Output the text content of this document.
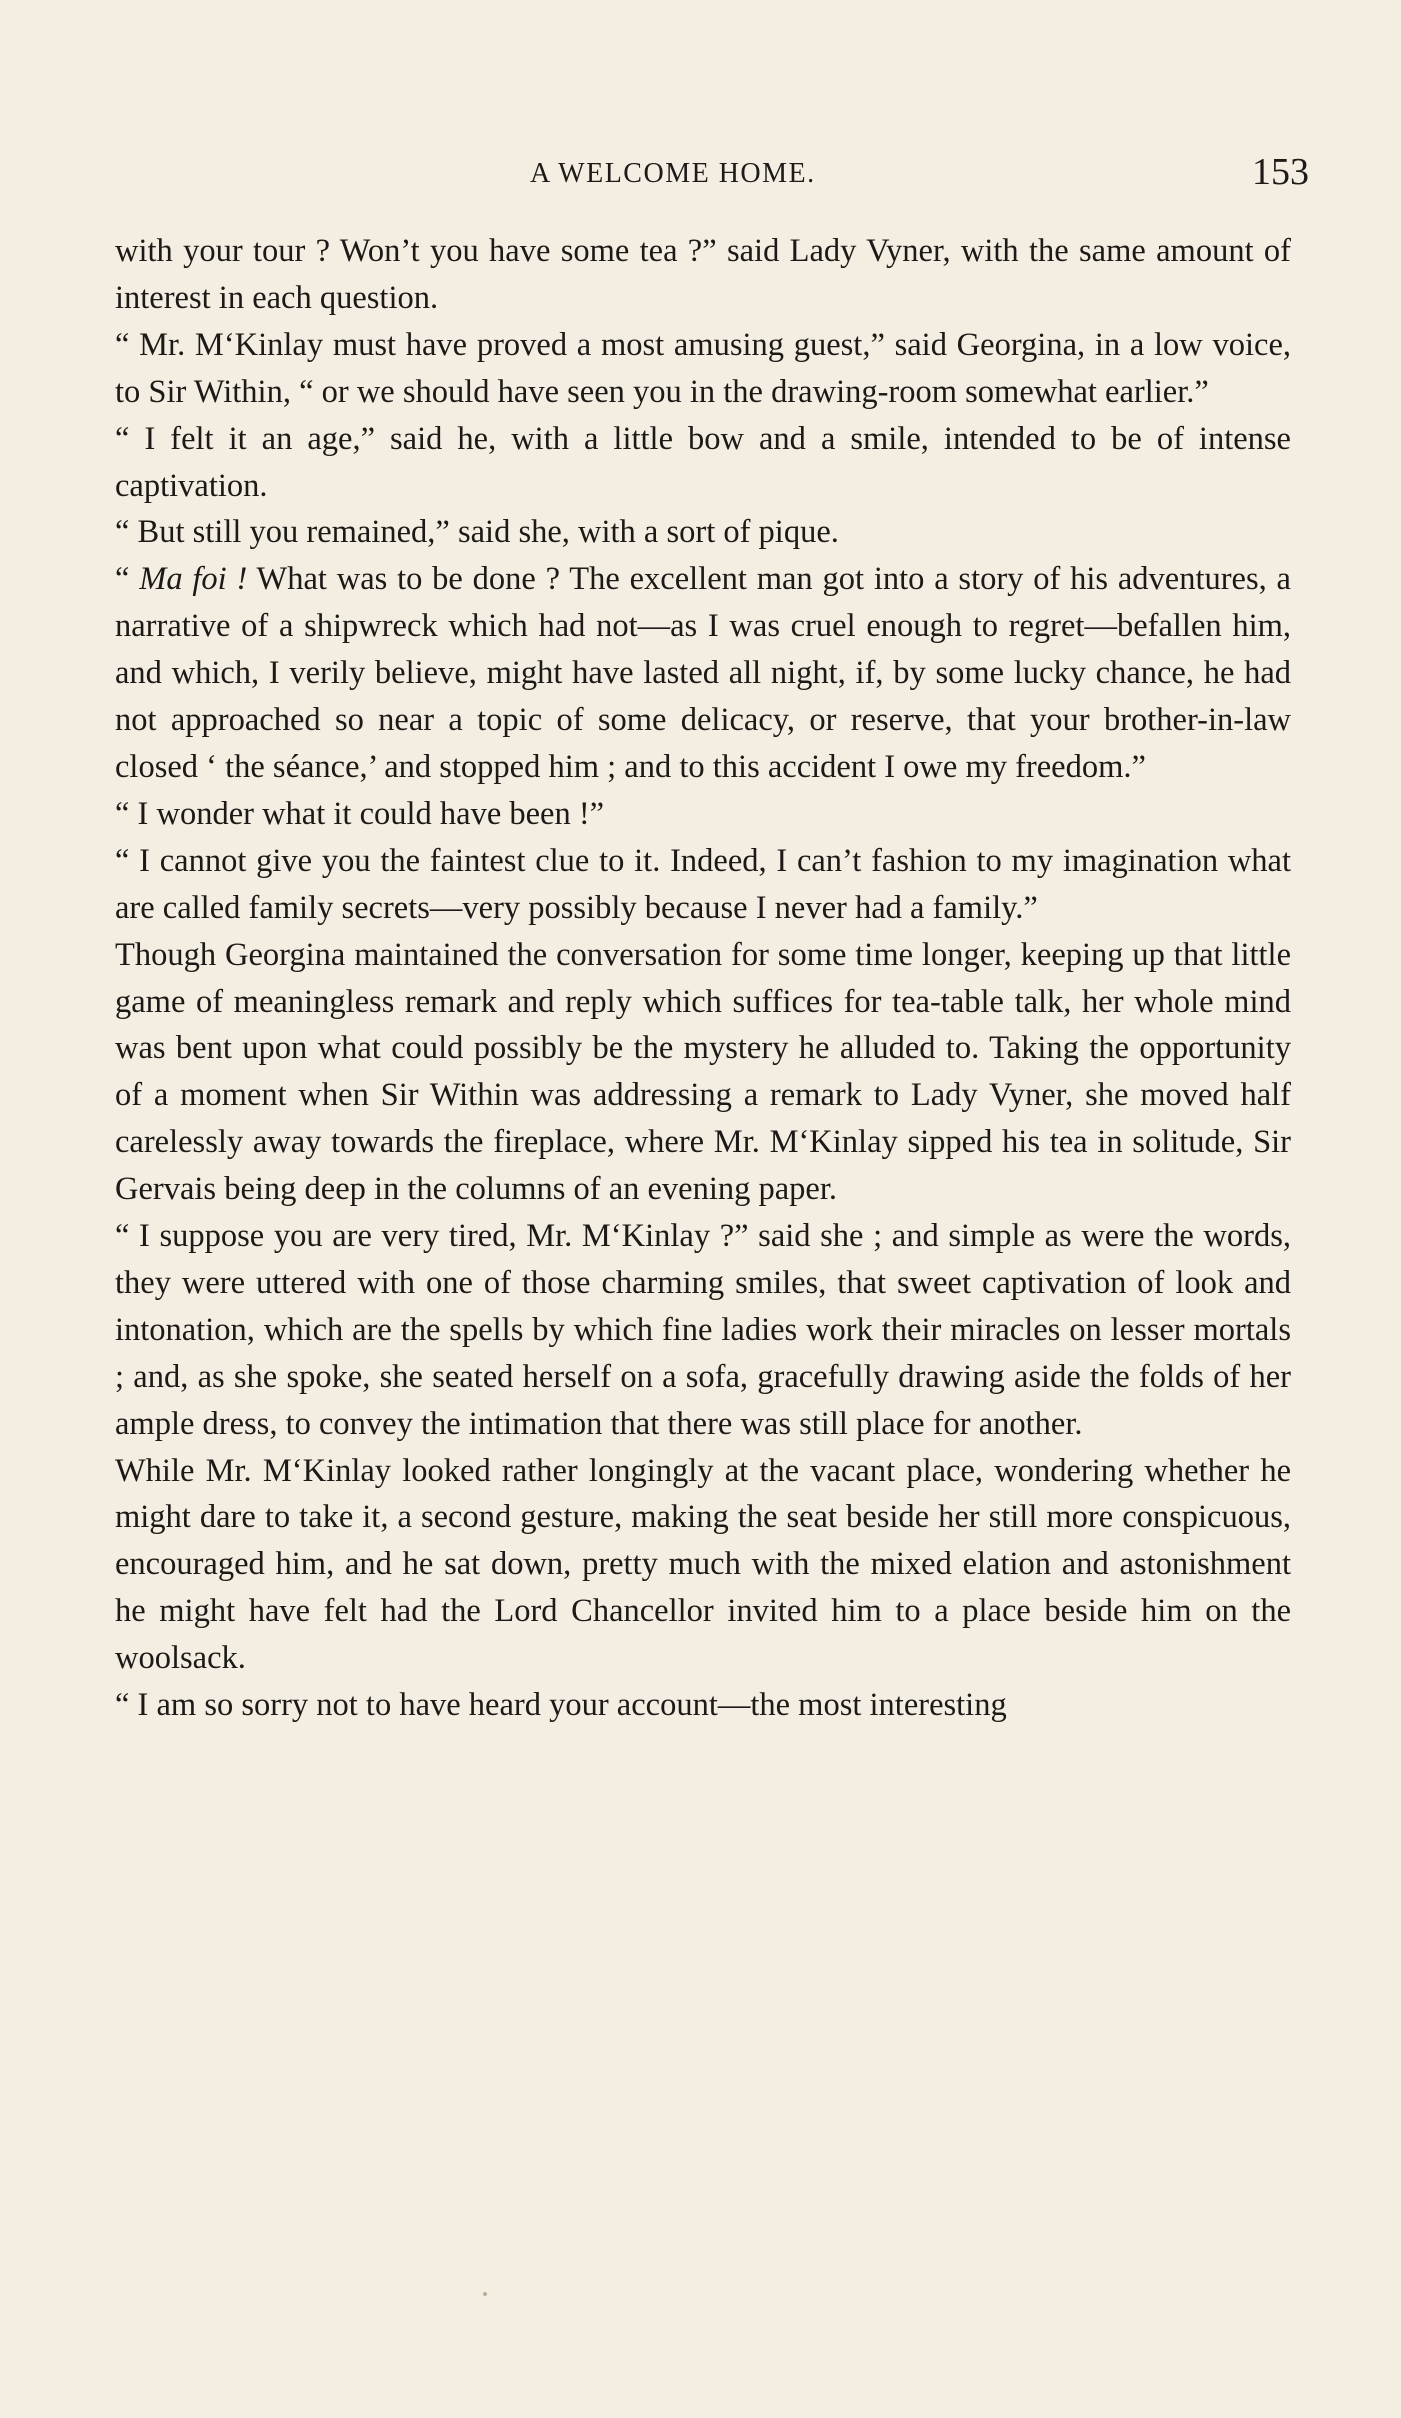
A WELCOME HOME.	153

with your tour ? Won’t you have some tea ?” said Lady Vyner, with the same amount of interest in each question.

“ Mr. M‘Kinlay must have proved a most amusing guest,” said Georgina, in a low voice, to Sir Within, “ or we should have seen you in the drawing-room somewhat earlier.”

“ I felt it an age,” said he, with a little bow and a smile, intended to be of intense captivation.

“ But still you remained,” said she, with a sort of pique.

“ Ma foi ! What was to be done ? The excellent man got into a story of his adventures, a narrative of a shipwreck which had not—as I was cruel enough to regret—befallen him, and which, I verily believe, might have lasted all night, if, by some lucky chance, he had not approached so near a topic of some delicacy, or reserve, that your brother-in-law closed ‘ the séance,’ and stopped him ; and to this accident I owe my freedom.”

“ I wonder what it could have been !”

“ I cannot give you the faintest clue to it. Indeed, I can’t fashion to my imagination what are called family secrets—very possibly because I never had a family.”

Though Georgina maintained the conversation for some time longer, keeping up that little game of meaningless remark and reply which suffices for tea-table talk, her whole mind was bent upon what could possibly be the mystery he alluded to. Taking the opportunity of a moment when Sir Within was addressing a remark to Lady Vyner, she moved half carelessly away towards the fireplace, where Mr. M‘Kinlay sipped his tea in solitude, Sir Gervais being deep in the columns of an evening paper.

“ I suppose you are very tired, Mr. M‘Kinlay ?” said she ; and simple as were the words, they were uttered with one of those charming smiles, that sweet captivation of look and intonation, which are the spells by which fine ladies work their miracles on lesser mortals ; and, as she spoke, she seated herself on a sofa, gracefully drawing aside the folds of her ample dress, to convey the intimation that there was still place for another.

While Mr. M‘Kinlay looked rather longingly at the vacant place, wondering whether he might dare to take it, a second gesture, making the seat beside her still more conspicuous, encouraged him, and he sat down, pretty much with the mixed elation and astonishment he might have felt had the Lord Chancellor invited him to a place beside him on the woolsack.

“ I am so sorry not to have heard your account—the most interesting
